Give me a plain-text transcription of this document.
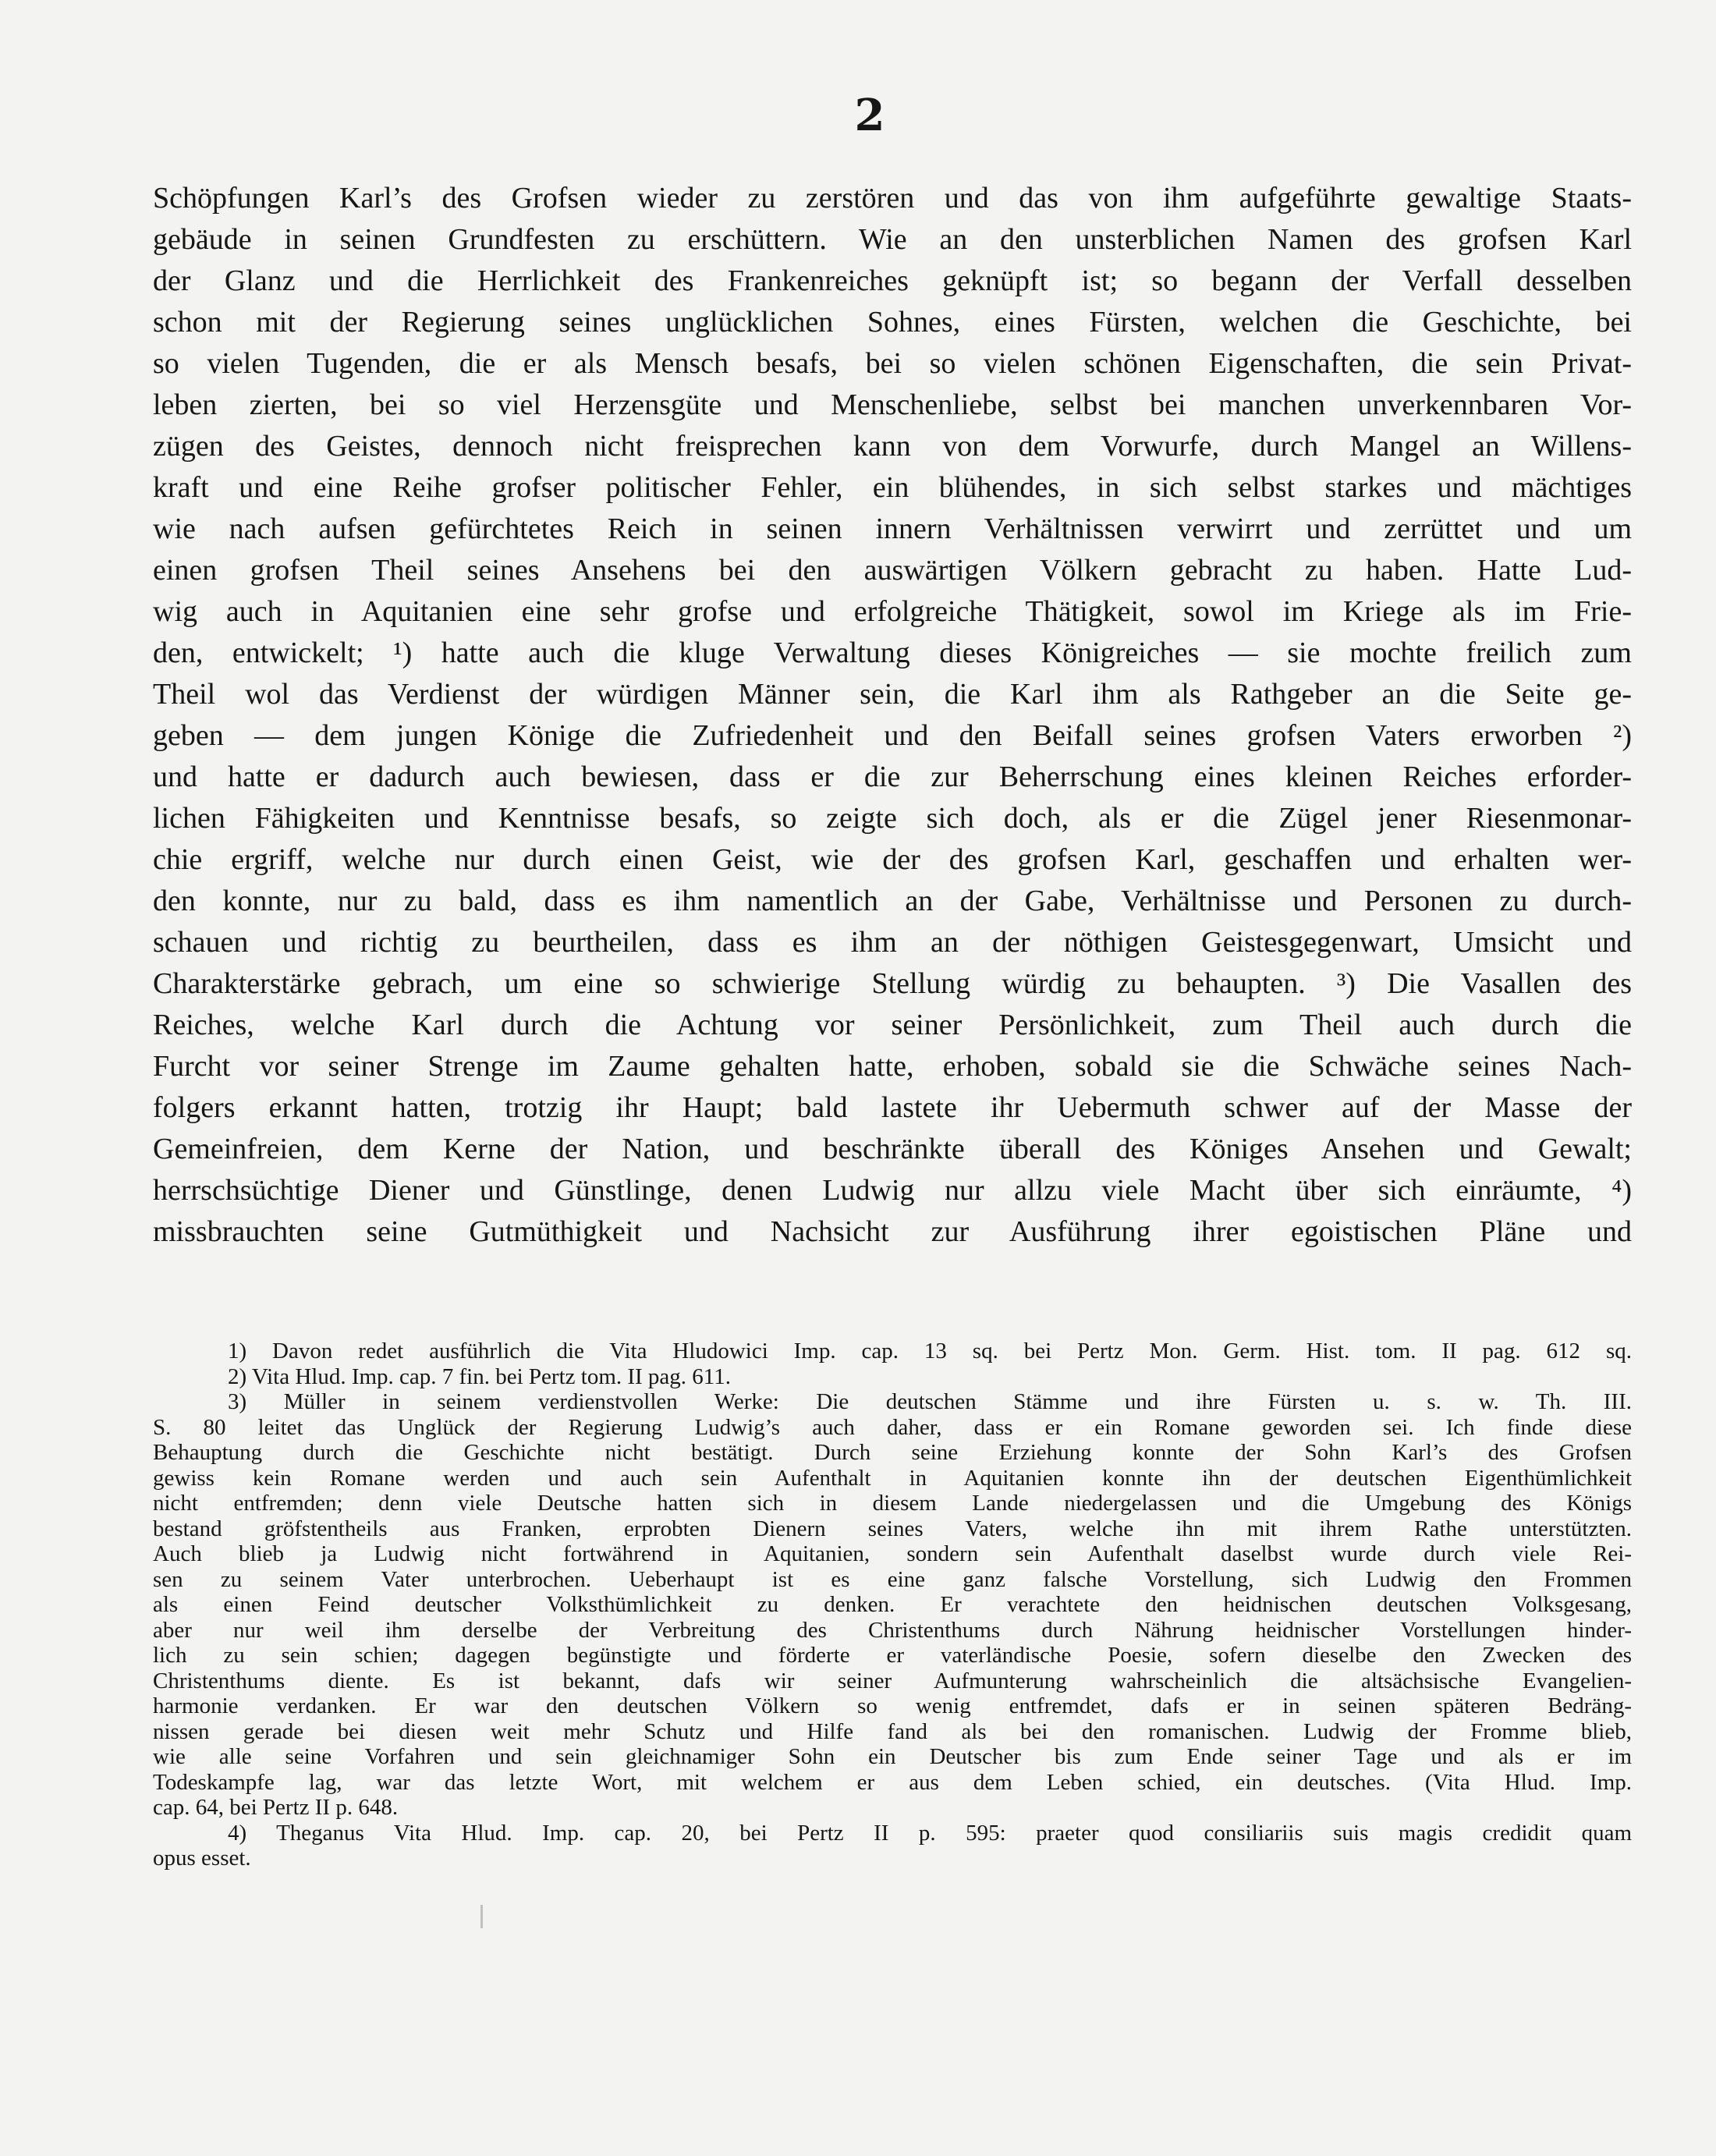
2
Schöpfungen Karl’s des Grofsen wieder zu zerstören und das von ihm aufgeführte gewaltige Staats-
gebäude in seinen Grundfesten zu erschüttern. Wie an den unsterblichen Namen des grofsen Karl
der Glanz und die Herrlichkeit des Frankenreiches geknüpft ist; so begann der Verfall desselben
schon mit der Regierung seines unglücklichen Sohnes, eines Fürsten, welchen die Geschichte, bei
so vielen Tugenden, die er als Mensch besafs, bei so vielen schönen Eigenschaften, die sein Privat-
leben zierten, bei so viel Herzensgüte und Menschenliebe, selbst bei manchen unverkennbaren Vor-
zügen des Geistes, dennoch nicht freisprechen kann von dem Vorwurfe, durch Mangel an Willens-
kraft und eine Reihe grofser politischer Fehler, ein blühendes, in sich selbst starkes und mächtiges
wie nach aufsen gefürchtetes Reich in seinen innern Verhältnissen verwirrt und zerrüttet und um
einen grofsen Theil seines Ansehens bei den auswärtigen Völkern gebracht zu haben. Hatte Lud-
wig auch in Aquitanien eine sehr grofse und erfolgreiche Thätigkeit, sowol im Kriege als im Frie-
den, entwickelt; ¹) hatte auch die kluge Verwaltung dieses Königreiches — sie mochte freilich zum
Theil wol das Verdienst der würdigen Männer sein, die Karl ihm als Rathgeber an die Seite ge-
geben — dem jungen Könige die Zufriedenheit und den Beifall seines grofsen Vaters erworben ²)
und hatte er dadurch auch bewiesen, dass er die zur Beherrschung eines kleinen Reiches erforder-
lichen Fähigkeiten und Kenntnisse besafs, so zeigte sich doch, als er die Zügel jener Riesenmonar-
chie ergriff, welche nur durch einen Geist, wie der des grofsen Karl, geschaffen und erhalten wer-
den konnte, nur zu bald, dass es ihm namentlich an der Gabe, Verhältnisse und Personen zu durch-
schauen und richtig zu beurtheilen, dass es ihm an der nöthigen Geistesgegenwart, Umsicht und
Charakterstärke gebrach, um eine so schwierige Stellung würdig zu behaupten. ³) Die Vasallen des
Reiches, welche Karl durch die Achtung vor seiner Persönlichkeit, zum Theil auch durch die
Furcht vor seiner Strenge im Zaume gehalten hatte, erhoben, sobald sie die Schwäche seines Nach-
folgers erkannt hatten, trotzig ihr Haupt; bald lastete ihr Uebermuth schwer auf der Masse der
Gemeinfreien, dem Kerne der Nation, und beschränkte überall des Königes Ansehen und Gewalt;
herrschsüchtige Diener und Günstlinge, denen Ludwig nur allzu viele Macht über sich einräumte, ⁴)
missbrauchten seine Gutmüthigkeit und Nachsicht zur Ausführung ihrer egoistischen Pläne und
1) Davon redet ausführlich die Vita Hludowici Imp. cap. 13 sq. bei Pertz Mon. Germ. Hist. tom. II pag. 612 sq.
2) Vita Hlud. Imp. cap. 7 fin. bei Pertz tom. II pag. 611.
3) Müller in seinem verdienstvollen Werke: Die deutschen Stämme und ihre Fürsten u. s. w. Th. III.
S. 80 leitet das Unglück der Regierung Ludwig’s auch daher, dass er ein Romane geworden sei. Ich finde diese
Behauptung durch die Geschichte nicht bestätigt. Durch seine Erziehung konnte der Sohn Karl’s des Grofsen
gewiss kein Romane werden und auch sein Aufenthalt in Aquitanien konnte ihn der deutschen Eigenthümlichkeit
nicht entfremden; denn viele Deutsche hatten sich in diesem Lande niedergelassen und die Umgebung des Königs
bestand gröfstentheils aus Franken, erprobten Dienern seines Vaters, welche ihn mit ihrem Rathe unterstützten.
Auch blieb ja Ludwig nicht fortwährend in Aquitanien, sondern sein Aufenthalt daselbst wurde durch viele Rei-
sen zu seinem Vater unterbrochen. Ueberhaupt ist es eine ganz falsche Vorstellung, sich Ludwig den Frommen
als einen Feind deutscher Volksthümlichkeit zu denken. Er verachtete den heidnischen deutschen Volksgesang,
aber nur weil ihm derselbe der Verbreitung des Christenthums durch Nährung heidnischer Vorstellungen hinder-
lich zu sein schien; dagegen begünstigte und förderte er vaterländische Poesie, sofern dieselbe den Zwecken des
Christenthums diente. Es ist bekannt, dafs wir seiner Aufmunterung wahrscheinlich die altsächsische Evangelien-
harmonie verdanken. Er war den deutschen Völkern so wenig entfremdet, dafs er in seinen späteren Bedräng-
nissen gerade bei diesen weit mehr Schutz und Hilfe fand als bei den romanischen. Ludwig der Fromme blieb,
wie alle seine Vorfahren und sein gleichnamiger Sohn ein Deutscher bis zum Ende seiner Tage und als er im
Todeskampfe lag, war das letzte Wort, mit welchem er aus dem Leben schied, ein deutsches. (Vita Hlud. Imp.
cap. 64, bei Pertz II p. 648.
4) Theganus Vita Hlud. Imp. cap. 20, bei Pertz II p. 595: praeter quod consiliariis suis magis credidit quam
opus esset.
